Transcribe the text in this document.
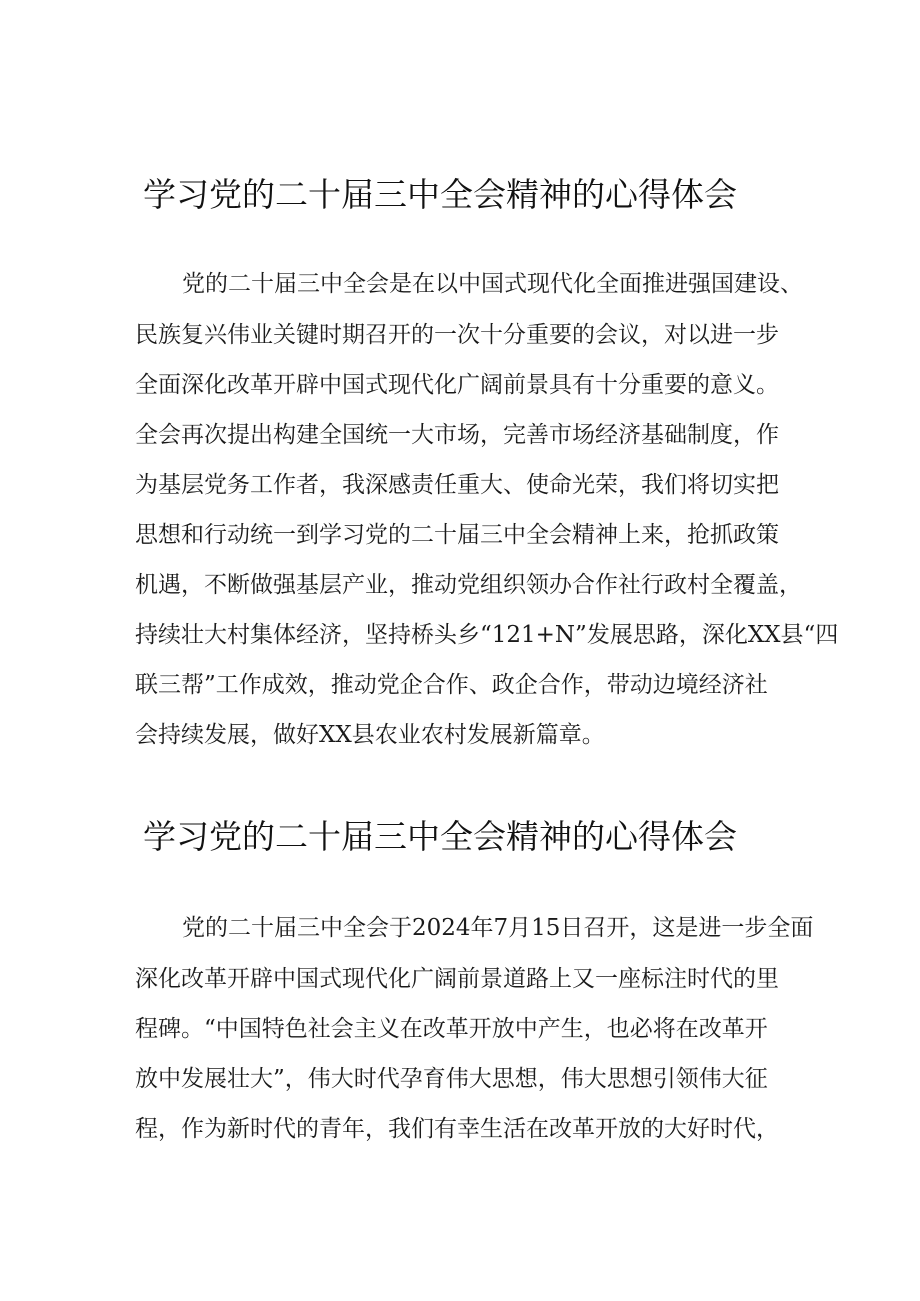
学习党的二十届三中全会精神的心得体会
党的二十届三中全会是在以中国式现代化全面推进强国建设、
民族复兴伟业关键时期召开的一次十分重要的会议，对以进一步
全面深化改革开辟中国式现代化广阔前景具有十分重要的意义。
全会再次提出构建全国统一大市场，完善市场经济基础制度，作
为基层党务工作者，我深感责任重大、使命光荣，我们将切实把
思想和行动统一到学习党的二十届三中全会精神上来，抢抓政策
机遇，不断做强基层产业，推动党组织领办合作社行政村全覆盖，
持续壮大村集体经济，坚持桥头乡“121+N”发展思路，深化XX县“四
联三帮”工作成效，推动党企合作、政企合作，带动边境经济社
会持续发展，做好XX县农业农村发展新篇章。
学习党的二十届三中全会精神的心得体会
党的二十届三中全会于2024年7月15日召开，这是进一步全面
深化改革开辟中国式现代化广阔前景道路上又一座标注时代的里
程碑。“中国特色社会主义在改革开放中产生，也必将在改革开
放中发展壮大”，伟大时代孕育伟大思想，伟大思想引领伟大征
程，作为新时代的青年，我们有幸生活在改革开放的大好时代，
